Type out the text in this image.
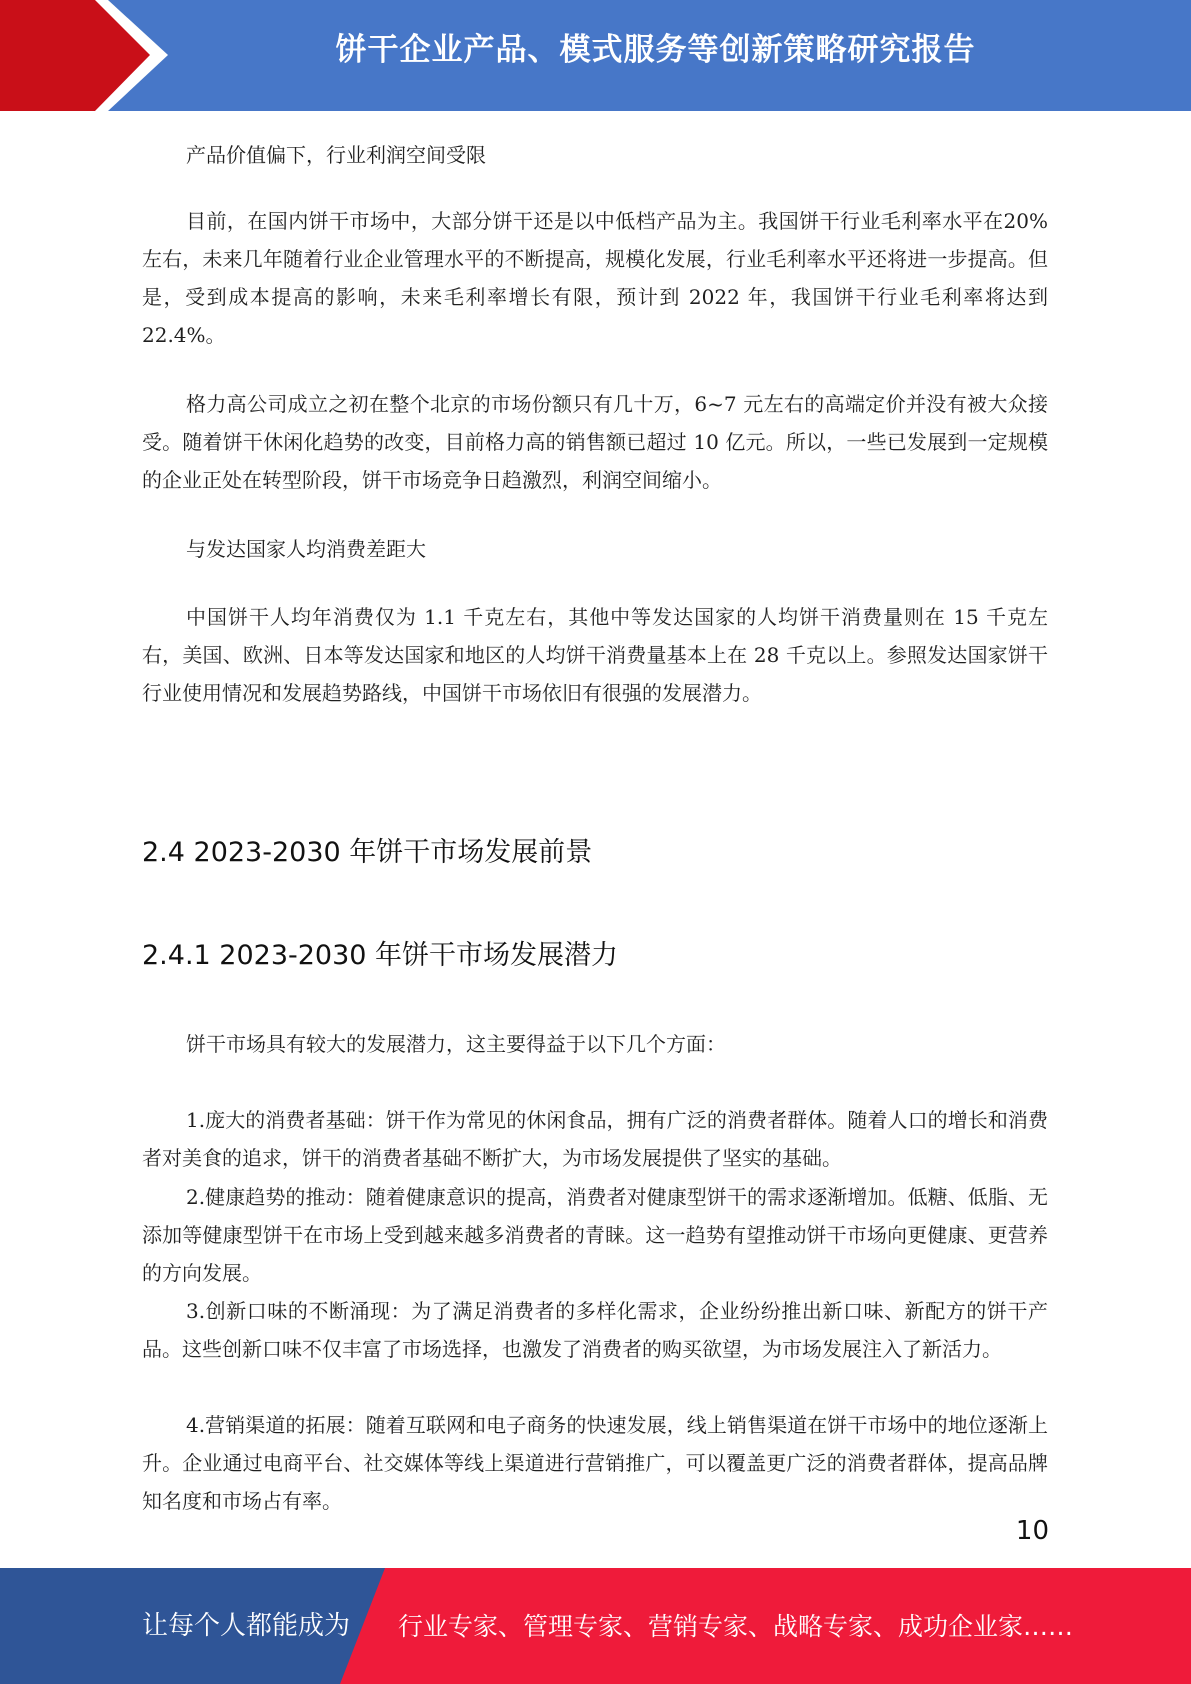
饼干企业产品、模式服务等创新策略研究报告

产品价值偏下，行业利润空间受限

目前，在国内饼干市场中，大部分饼干还是以中低档产品为主。我国饼干行业毛利率水平在20%左右，未来几年随着行业企业管理水平的不断提高，规模化发展，行业毛利率水平还将进一步提高。但是，受到成本提高的影响，未来毛利率增长有限，预计到 2022 年，我国饼干行业毛利率将达到 22.4%。

格力高公司成立之初在整个北京的市场份额只有几十万，6~7 元左右的高端定价并没有被大众接受。随着饼干休闲化趋势的改变，目前格力高的销售额已超过 10 亿元。所以，一些已发展到一定规模的企业正处在转型阶段，饼干市场竞争日趋激烈，利润空间缩小。

与发达国家人均消费差距大

中国饼干人均年消费仅为 1.1 千克左右，其他中等发达国家的人均饼干消费量则在 15 千克左右，美国、欧洲、日本等发达国家和地区的人均饼干消费量基本上在 28 千克以上。参照发达国家饼干行业使用情况和发展趋势路线，中国饼干市场依旧有很强的发展潜力。

2.4 2023-2030 年饼干市场发展前景
2.4.1 2023-2030 年饼干市场发展潜力

饼干市场具有较大的发展潜力，这主要得益于以下几个方面：

1.庞大的消费者基础：饼干作为常见的休闲食品，拥有广泛的消费者群体。随着人口的增长和消费者对美食的追求，饼干的消费者基础不断扩大，为市场发展提供了坚实的基础。

2.健康趋势的推动：随着健康意识的提高，消费者对健康型饼干的需求逐渐增加。低糖、低脂、无添加等健康型饼干在市场上受到越来越多消费者的青睐。这一趋势有望推动饼干市场向更健康、更营养的方向发展。

3.创新口味的不断涌现：为了满足消费者的多样化需求，企业纷纷推出新口味、新配方的饼干产品。这些创新口味不仅丰富了市场选择，也激发了消费者的购买欲望，为市场发展注入了新活力。

4.营销渠道的拓展：随着互联网和电子商务的快速发展，线上销售渠道在饼干市场中的地位逐渐上升。企业通过电商平台、社交媒体等线上渠道进行营销推广，可以覆盖更广泛的消费者群体，提高品牌知名度和市场占有率。

10
让每个人都能成为 行业专家、管理专家、营销专家、战略专家、成功企业家……
